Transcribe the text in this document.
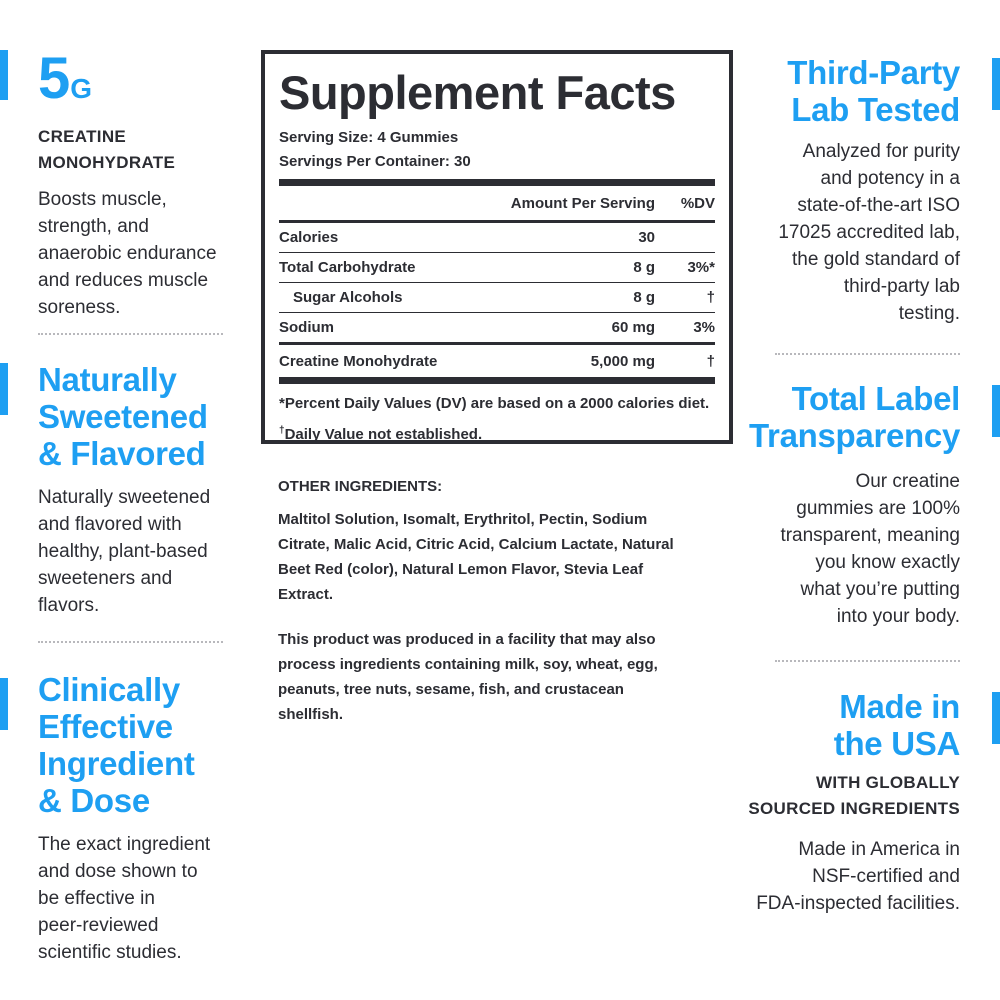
5G
CREATINE
MONOHYDRATE
Boosts muscle,
strength, and
anaerobic endurance
and reduces muscle
soreness.
Naturally
Sweetened
& Flavored
Naturally sweetened
and flavored with
healthy, plant-based
sweeteners and
flavors.
Clinically
Effective
Ingredient
& Dose
The exact ingredient
and dose shown to
be effective in
peer-reviewed
scientific studies.
Supplement Facts
Serving Size: 4 Gummies
Servings Per Container: 30
Amount Per Serving	%DV
Calories	30
Total Carbohydrate	8 g	3%*
Sugar Alcohols	8 g	†
Sodium	60 mg	3%
Creatine Monohydrate	5,000 mg	†
*Percent Daily Values (DV) are based on a 2000 calories diet.
†Daily Value not established.
OTHER INGREDIENTS:
Maltitol Solution, Isomalt, Erythritol, Pectin, Sodium
Citrate, Malic Acid, Citric Acid, Calcium Lactate, Natural
Beet Red (color), Natural Lemon Flavor, Stevia Leaf
Extract.
This product was produced in a facility that may also
process ingredients containing milk, soy, wheat, egg,
peanuts, tree nuts, sesame, fish, and crustacean
shellfish.
Third-Party
Lab Tested
Analyzed for purity
and potency in a
state-of-the-art ISO
17025 accredited lab,
the gold standard of
third-party lab
testing.
Total Label
Transparency
Our creatine
gummies are 100%
transparent, meaning
you know exactly
what you’re putting
into your body.
Made in
the USA
WITH GLOBALLY
SOURCED INGREDIENTS
Made in America in
NSF-certified and
FDA-inspected facilities.
